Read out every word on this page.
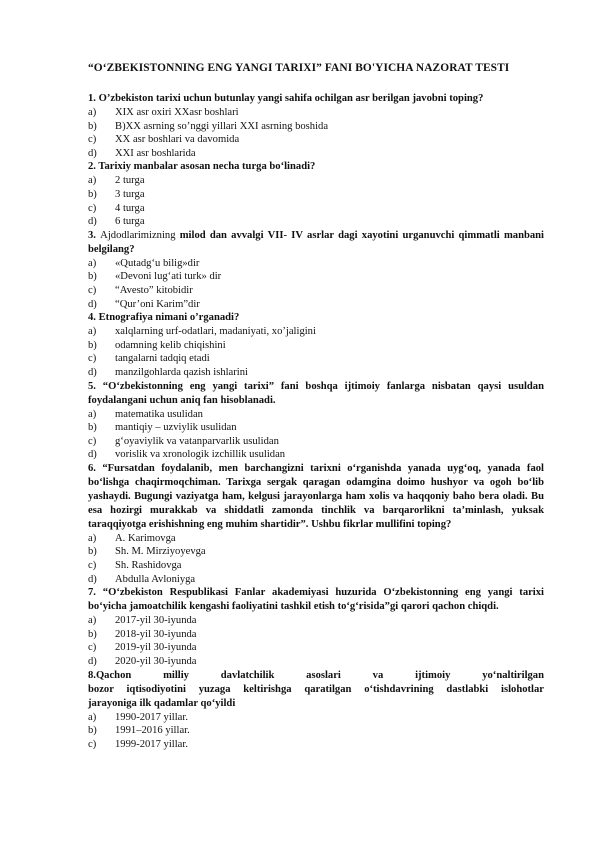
“O‘ZBEKISTONNING ENG YANGI TARIXI” FANI BO'YICHA NAZORAT TESTI
1. O’zbekiston tarixi uchun butunlay yangi sahifa ochilgan asr berilgan javobni toping?
a) XIX asr oxiri XXasr boshlari
b) B)XX asrning so’nggi yillari XXI asrning boshida
c) XX asr boshlari va davomida
d) XXI asr boshlarida
2. Tarixiy manbalar asosan necha turga bo‘linadi?
a) 2 turga
b) 3 turga
c) 4 turga
d) 6 turga
3. Ajdodlarimizning milod dan avvalgi VII- IV asrlar dagi xayotini urganuvchi qimmatli manbani belgilang?
a) «Qutadg‘u bilig»dir
b) «Devoni lug‘ati turk» dir
c) “Avesto” kitobidir
d) “Qur’oni Karim”dir
4. Etnografiya nimani o’rganadi?
a) xalqlarning urf-odatlari, madaniyati, xo’jaligini
b) odamning kelib chiqishini
c) tangalarni tadqiq etadi
d) manzilgohlarda qazish ishlarini
5. “O‘zbekistonning eng yangi tarixi” fani boshqa ijtimoiy fanlarga nisbatan qaysi usuldan foydalangani uchun aniq fan hisoblanadi.
a) matematika usulidan
b) mantiqiy – uzviylik usulidan
c) g‘oyaviylik va vatanparvarlik usulidan
d) vorislik va xronologik izchillik usulidan
6. “Fursatdan foydalanib, men barchangizni tarixni o‘rganishda yanada uyg‘oq, yanada faol bo‘lishga chaqirmoqchiman. Tarixga sergak qaragan odamgina doimo hushyor va ogoh bo‘lib yashaydi. Bugungi vaziyatga ham, kelgusi jarayonlarga ham xolis va haqqoniy baho bera oladi. Bu esa hozirgi murakkab va shiddatli zamonda tinchlik va barqarorlikni ta’minlash, yuksak taraqqiyotga erishishning eng muhim shartidir”. Ushbu fikrlar mullifini toping?
a) A. Karimovga
b) Sh. M. Mirziyoyevga
c) Sh. Rashidovga
d) Abdulla Avloniyga
7. “O‘zbekiston Respublikasi Fanlar akademiyasi huzurida O‘zbekistonning eng yangi tarixi bo‘yicha jamoatchilik kengashi faoliyatini tashkil etish to‘g‘risida”gi qarori qachon chiqdi.
a) 2017-yil 30-iyunda
b) 2018-yil 30-iyunda
c) 2019-yil 30-iyunda
d) 2020-yil 30-iyunda
8.Qachon milliy davlatchilik asoslari va ijtimoiy yo‘naltirilgan
bozor iqtisodiyotini yuzaga keltirishga qaratilgan o‘tishdavrining dastlabki islohotlar
jarayoniga ilk qadamlar qo‘yildi
a) 1990-2017 yillar.
b) 1991–2016 yillar.
c) 1999-2017 yillar.
